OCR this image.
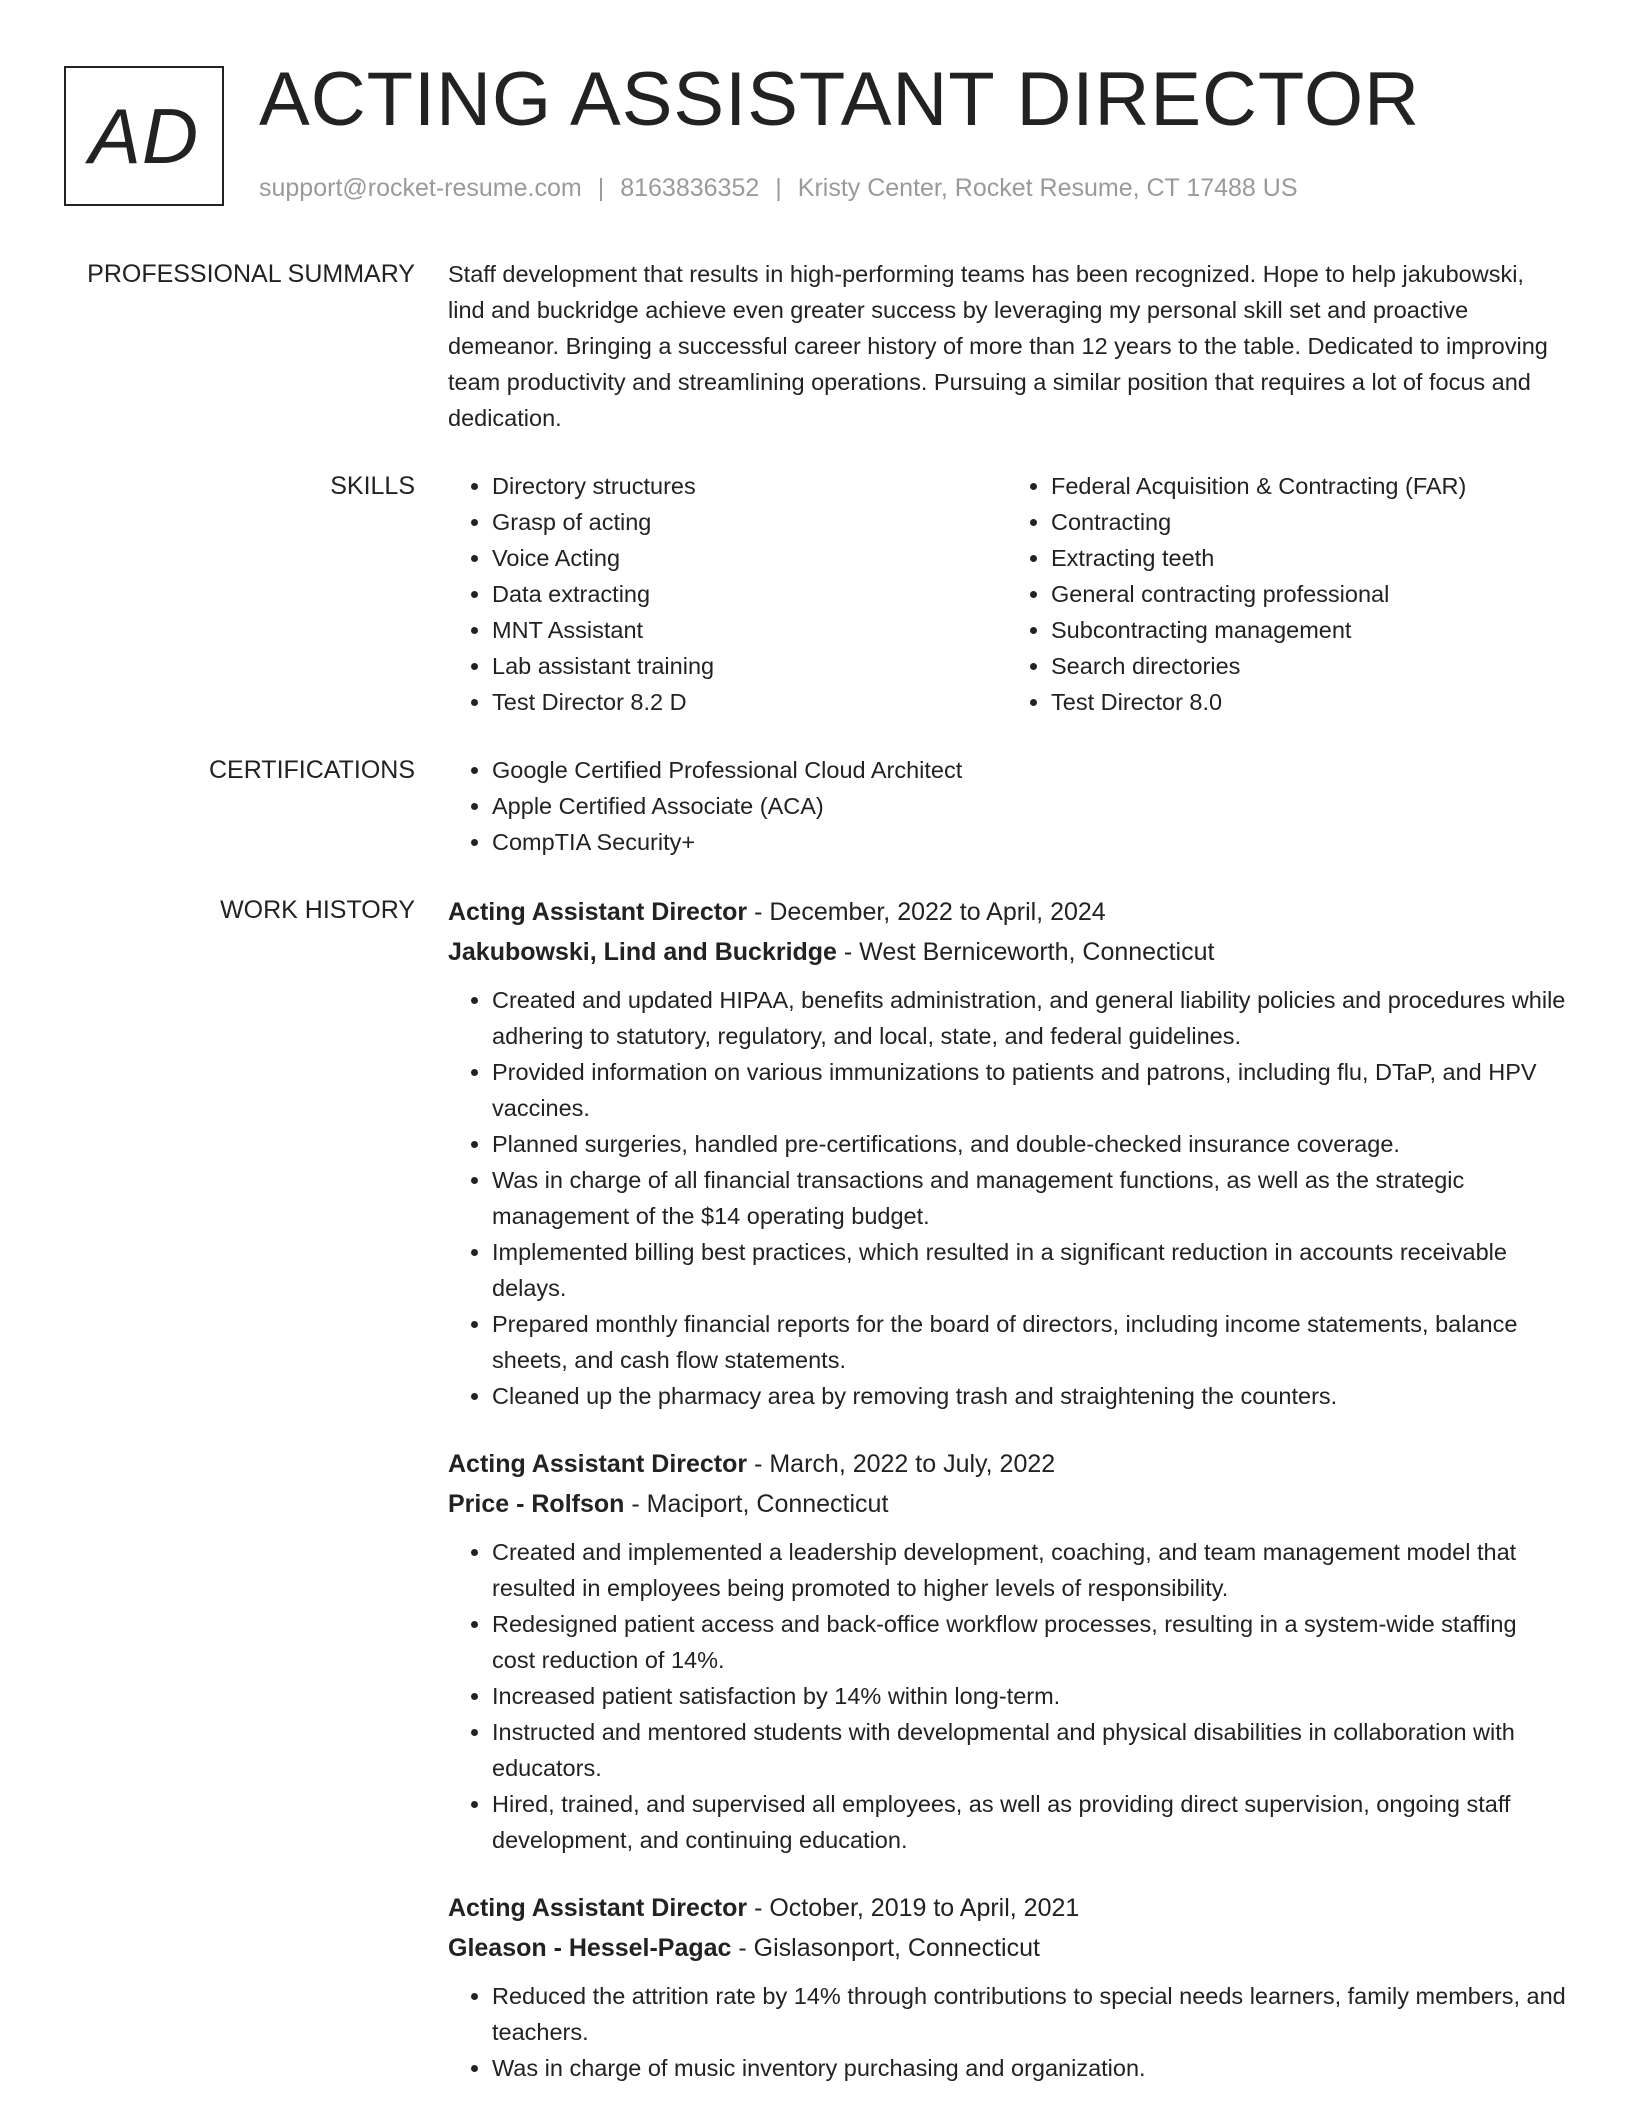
AD ACTING ASSISTANT DIRECTOR
support@rocket-resume.com | 8163836352 | Kristy Center, Rocket Resume, CT 17488 US
PROFESSIONAL SUMMARY Staff development that results in high-performing teams has been recognized. Hope to help jakubowski, lind and buckridge achieve even greater success by leveraging my personal skill set and proactive demeanor. Bringing a successful career history of more than 12 years to the table. Dedicated to improving team productivity and streamlining operations. Pursuing a similar position that requires a lot of focus and dedication.

SKILLS	• Directory structures
• Grasp of acting
• Voice Acting
• Data extracting
• MNT Assistant
• Lab assistant training
• Test Director 8.2 D
• Federal Acquisition & Contracting (FAR)
• Contracting
• Extracting teeth
• General contracting professional
• Subcontracting management
• Search directories
• Test Director 8.0
CERTIFICATIONS	• Google Certified Professional Cloud Architect
• Apple Certified Associate (ACA)
• CompTIA Security+
WORK HISTORY Acting Assistant Director - December, 2022 to April, 2024
Jakubowski, Lind and Buckridge - West Berniceworth, Connecticut
• Created and updated HIPAA, benefits administration, and general liability policies and procedures while adhering to statutory, regulatory, and local, state, and federal guidelines.
• Provided information on various immunizations to patients and patrons, including flu, DTaP, and HPV vaccines.
• Planned surgeries, handled pre-certifications, and double-checked insurance coverage.
• Was in charge of all financial transactions and management functions, as well as the strategic management of the $14 operating budget.
• Implemented billing best practices, which resulted in a significant reduction in accounts receivable delays.
• Prepared monthly financial reports for the board of directors, including income statements, balance sheets, and cash flow statements.
• Cleaned up the pharmacy area by removing trash and straightening the counters.
Acting Assistant Director - March, 2022 to July, 2022
Price - Rolfson - Maciport, Connecticut
• Created and implemented a leadership development, coaching, and team management model that resulted in employees being promoted to higher levels of responsibility.
• Redesigned patient access and back-office workflow processes, resulting in a system-wide staffing cost reduction of 14%.
• Increased patient satisfaction by 14% within long-term.
• Instructed and mentored students with developmental and physical disabilities in collaboration with educators.
• Hired, trained, and supervised all employees, as well as providing direct supervision, ongoing staff development, and continuing education.
Acting Assistant Director - October, 2019 to April, 2021
Gleason - Hessel-Pagac - Gislasonport, Connecticut
• Reduced the attrition rate by 14% through contributions to special needs learners, family members, and teachers.
• Was in charge of music inventory purchasing and organization.
